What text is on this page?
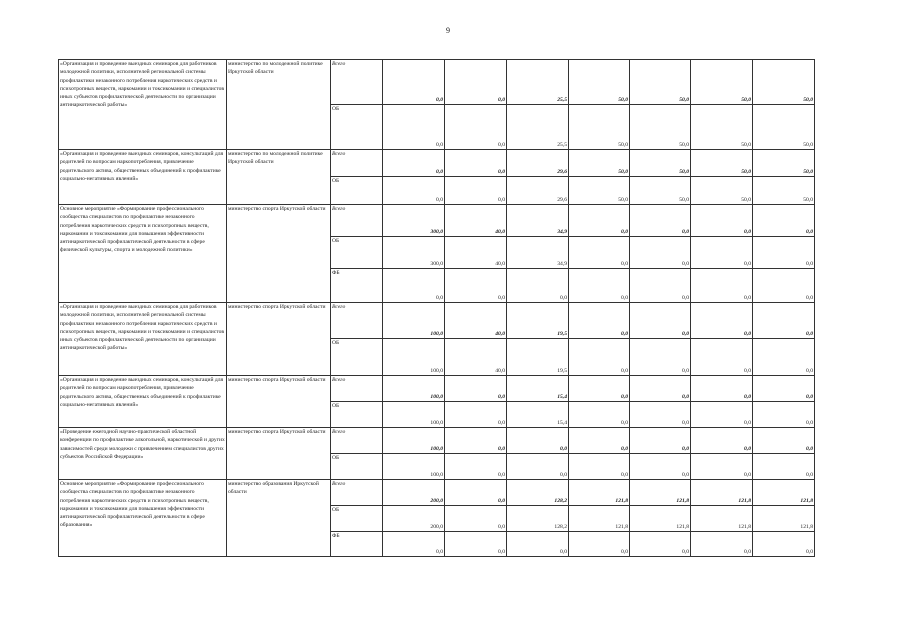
9
«Организация и проведение выездных семинаров для работников молодежной политики, исполнителей региональной системы профилактики незаконного потребления наркотических средств и психотропных веществ, наркомании и токсикомании и специалистов иных субъектов профилактической деятельности по организации антинаркотической работы»	министерство по молодежной политике Иркутской области	Всего	0,0	0,0	25,5	50,0	50,0	50,0	50,0
		ОБ	0,0	0,0	25,5	50,0	50,0	50,0	50,0
«Организация и проведение выездных семинаров, консультаций для родителей по вопросам наркопотребления, привлечение родительского актива, общественных объединений к профилактике социально-негативных явлений»	министерство по молодежной политике Иркутской области	Всего	0,0	0,0	29,6	50,0	50,0	50,0	50,0
		ОБ	0,0	0,0	29,6	50,0	50,0	50,0	50,0
Основное мероприятие «Формирование профессионального сообщества специалистов по профилактике незаконного потребления наркотических средств и психотропных веществ, наркомании и токсикомании для повышения эффективности антинаркотической профилактической деятельности в сфере физической культуры, спорта и молодежной политики»	министерство спорта Иркутской области	Всего	300,0	40,0	34,9	0,0	0,0	0,0	0,0
		ОБ	300,0	40,0	34,9	0,0	0,0	0,0	0,0
		ФБ	0,0	0,0	0,0	0,0	0,0	0,0	0,0
«Организация и проведение выездных семинаров для работников молодежной политики, исполнителей региональной системы профилактики незаконного потребления наркотических средств и психотропных веществ, наркомании и токсикомании и специалистов иных субъектов профилактической деятельности по организации антинаркотической работы»	министерство спорта Иркутской области	Всего	100,0	40,0	19,5	0,0	0,0	0,0	0,0
		ОБ	100,0	40,0	19,5	0,0	0,0	0,0	0,0
«Организация и проведение выездных семинаров, консультаций для родителей по вопросам наркопотребления, привлечение родительского актива, общественных объединений к профилактике социально-негативных явлений»	министерство спорта Иркутской области	Всего	100,0	0,0	15,4	0,0	0,0	0,0	0,0
		ОБ	100,0	0,0	15,4	0,0	0,0	0,0	0,0
«Проведение ежегодной научно-практической областной конференции по профилактике алкогольной, наркотической и других зависимостей среди молодежи с привлечением специалистов других субъектов Российской Федерации»	министерство спорта Иркутской области	Всего	100,0	0,0	0,0	0,0	0,0	0,0	0,0
		ОБ	100,0	0,0	0,0	0,0	0,0	0,0	0,0
Основное мероприятие «Формирование профессионального сообщества специалистов по профилактике незаконного потребления наркотических средств и психотропных веществ, наркомании и токсикомании для повышения эффективности антинаркотической профилактической деятельности в сфере образования»	министерство образования Иркутской области	Всего	200,0	0,0	128,2	121,8	121,8	121,8	121,8
		ОБ	200,0	0,0	128,2	121,8	121,8	121,8	121,8
		ФБ	0,0	0,0	0,0	0,0	0,0	0,0	0,0
